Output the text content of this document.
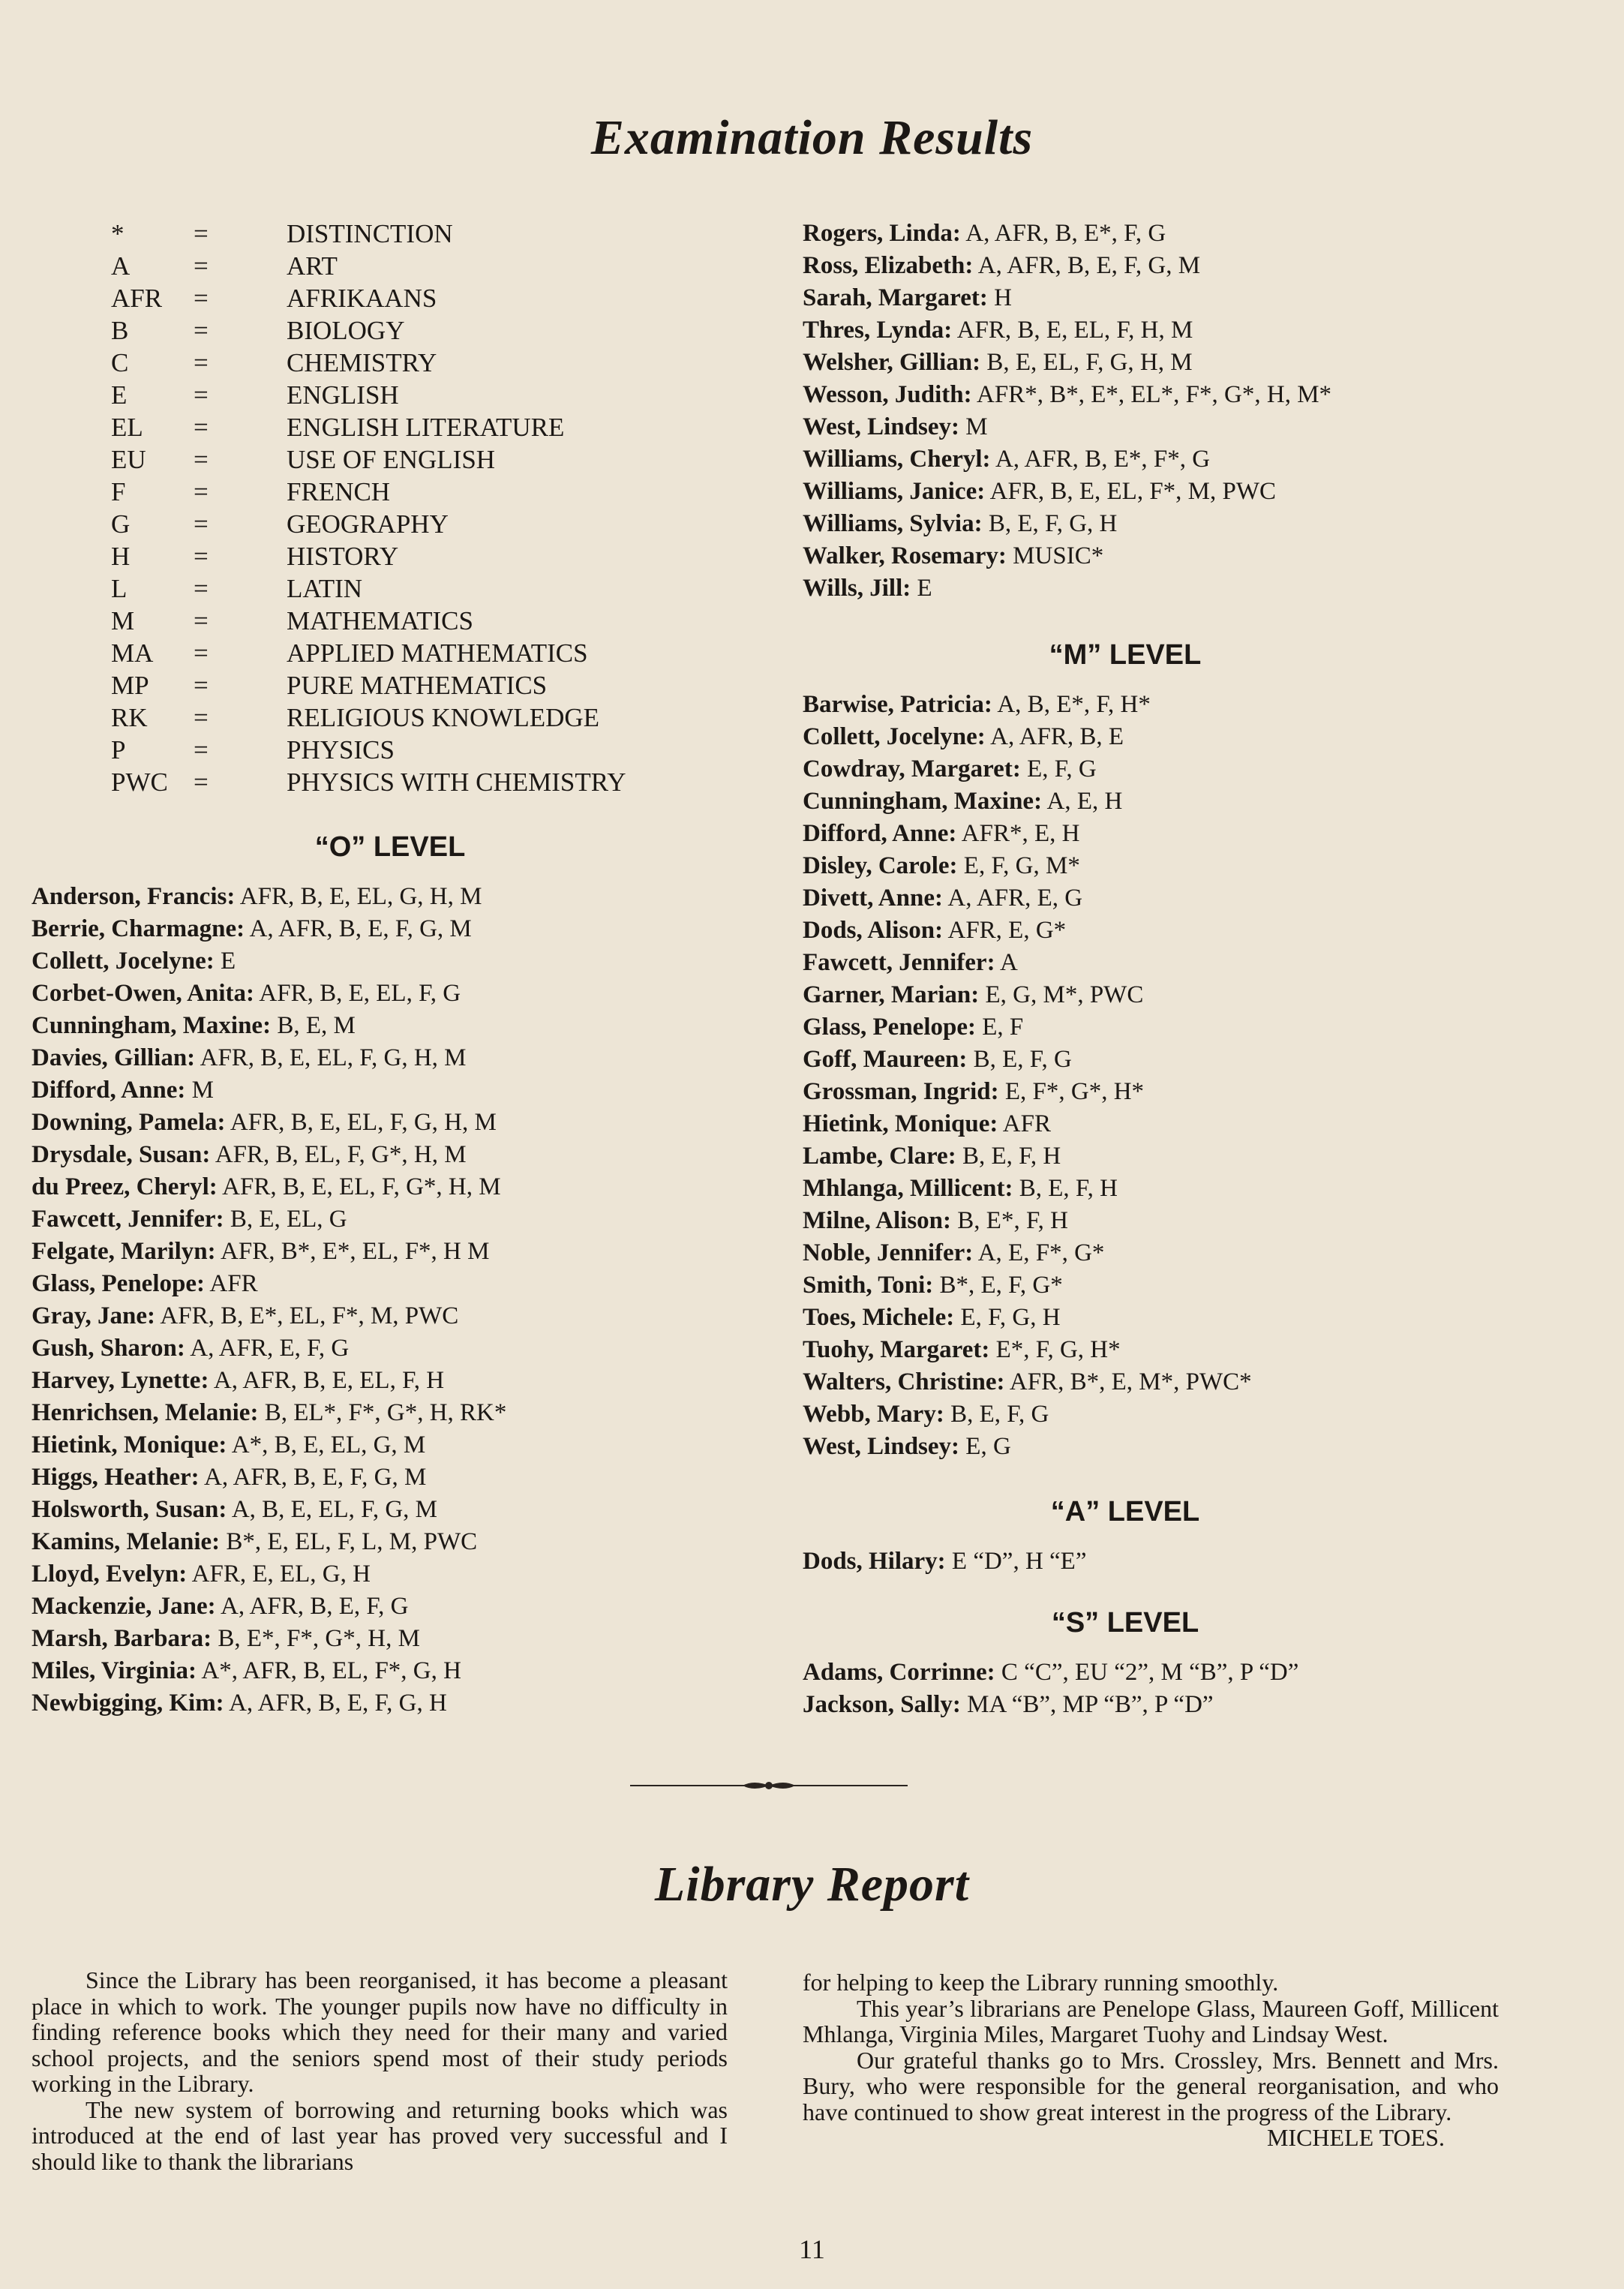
Examination Results
*	=	DISTINCTION
A	=	ART
AFR	=	AFRIKAANS
B	=	BIOLOGY
C	=	CHEMISTRY
E	=	ENGLISH
EL	=	ENGLISH LITERATURE
EU	=	USE OF ENGLISH
F	=	FRENCH
G	=	GEOGRAPHY
H	=	HISTORY
L	=	LATIN
M	=	MATHEMATICS
MA	=	APPLIED MATHEMATICS
MP	=	PURE MATHEMATICS
RK	=	RELIGIOUS KNOWLEDGE
P	=	PHYSICS
PWC =	PHYSICS WITH CHEMISTRY
“O” LEVEL
Anderson, Francis: AFR, B, E, EL, G, H, M
Berrie, Charmagne: A, AFR, B, E, F, G, M
Collett, Jocelyne: E
Corbet-Owen, Anita: AFR, B, E, EL, F, G
Cunningham, Maxine: B, E, M
Davies, Gillian: AFR, B, E, EL, F, G, H, M
Difford, Anne: M
Downing, Pamela: AFR, B, E, EL, F, G, H, M
Drysdale, Susan: AFR, B, EL, F, G*, H, M
du Preez, Cheryl: AFR, B, E, EL, F, G*, H, M
Fawcett, Jennifer: B, E, EL, G
Felgate, Marilyn: AFR, B*, E*, EL, F*, H M
Glass, Penelope: AFR
Gray, Jane: AFR, B, E*, EL, F*, M, PWC
Gush, Sharon: A, AFR, E, F, G
Harvey, Lynette: A, AFR, B, E, EL, F, H
Henrichsen, Melanie: B, EL*, F*, G*, H, RK*
Hietink, Monique: A*, B, E, EL, G, M
Higgs, Heather: A, AFR, B, E, F, G, M
Holsworth, Susan: A, B, E, EL, F, G, M
Kamins, Melanie: B*, E, EL, F, L, M, PWC
Lloyd, Evelyn: AFR, E, EL, G, H
Mackenzie, Jane: A, AFR, B, E, F, G
Marsh, Barbara: B, E*, F*, G*, H, M
Miles, Virginia: A*, AFR, B, EL, F*, G, H
Newbigging, Kim: A, AFR, B, E, F, G, H
Rogers, Linda: A, AFR, B, E*, F, G
Ross, Elizabeth: A, AFR, B, E, F, G, M
Sarah, Margaret: H
Thres, Lynda: AFR, B, E, EL, F, H, M
Welsher, Gillian: B, E, EL, F, G, H, M
Wesson, Judith: AFR*, B*, E*, EL*, F*, G*, H, M*
West, Lindsey: M
Williams, Cheryl: A, AFR, B, E*, F*, G
Williams, Janice: AFR, B, E, EL, F*, M, PWC
Williams, Sylvia: B, E, F, G, H
Walker, Rosemary: MUSIC*
Wills, Jill: E
“M” LEVEL
Barwise, Patricia: A, B, E*, F, H*
Collett, Jocelyne: A, AFR, B, E
Cowdray, Margaret: E, F, G
Cunningham, Maxine: A, E, H
Difford, Anne: AFR*, E, H
Disley, Carole: E, F, G, M*
Divett, Anne: A, AFR, E, G
Dods, Alison: AFR, E, G*
Fawcett, Jennifer: A
Garner, Marian: E, G, M*, PWC
Glass, Penelope: E, F
Goff, Maureen: B, E, F, G
Grossman, Ingrid: E, F*, G*, H*
Hietink, Monique: AFR
Lambe, Clare: B, E, F, H
Mhlanga, Millicent: B, E, F, H
Milne, Alison: B, E*, F, H
Noble, Jennifer: A, E, F*, G*
Smith, Toni: B*, E, F, G*
Toes, Michele: E, F, G, H
Tuohy, Margaret: E*, F, G, H*
Walters, Christine: AFR, B*, E, M*, PWC*
Webb, Mary: B, E, F, G
West, Lindsey: E, G
“A” LEVEL
Dods, Hilary: E “D”, H “E”
“S” LEVEL
Adams, Corrinne: C “C”, EU “2”, M “B”, P “D”
Jackson, Sally: MA “B”, MP “B”, P “D”
Library Report

Since the Library has been reorganised, it has become a pleasant place in which to work. The younger pupils now have no difficulty in finding reference books which they need for their many and varied school projects, and the seniors spend most of their study periods working in the Library.

The new system of borrowing and returning books which was introduced at the end of last year has proved very successful and I should like to thank the librarians

for helping to keep the Library running smoothly.

This year’s librarians are Penelope Glass, Maureen Goff, Millicent Mhlanga, Virginia Miles, Margaret Tuohy and Lindsay West.

Our grateful thanks go to Mrs. Crossley, Mrs. Bennett and Mrs. Bury, who were responsible for the general reorganisation, and who have continued to show great interest in the progress of the Library.

MICHELE TOES.

11
